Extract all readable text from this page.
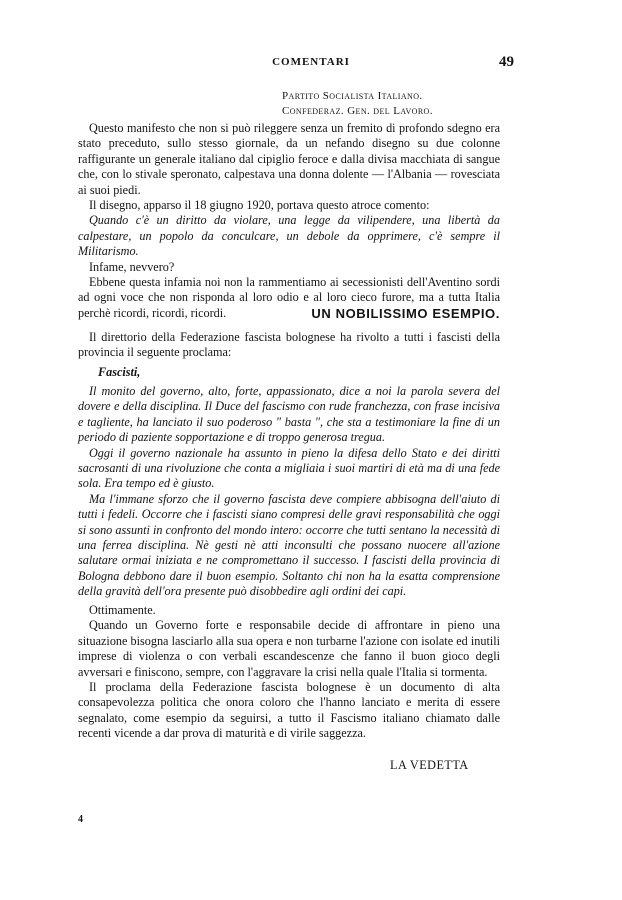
COMENTARI	49
Partito Socialista Italiano.
Confederaz. Gen. del Lavoro.

Questo manifesto che non si può rileggere senza un fremito di profondo sdegno era stato preceduto, sullo stesso giornale, da un nefando disegno su due colonne raffigurante un generale italiano dal cipiglio feroce e dalla divisa macchiata di sangue che, con lo stivale speronato, calpestava una donna dolente — l'Albania — rovesciata ai suoi piedi.

Il disegno, apparso il 18 giugno 1920, portava questo atroce comento:

Quando c'è un diritto da violare, una legge da vilipendere, una libertà da calpestare, un popolo da conculcare, un debole da opprimere, c'è sempre il Militarismo.

Infame, nevvero?

Ebbene questa infamia noi non la rammentiamo ai secessionisti dell'Aventino sordi ad ogni voce che non risponda al loro odio e al loro cieco furore, ma a tutta Italia perchè ricordi, ricordi, ricordi.	UN NOBILISSIMO ESEMPIO.

Il direttorio della Federazione fascista bolognese ha rivolto a tutti i fascisti della provincia il seguente proclama:

Fascisti,

Il monito del governo, alto, forte, appassionato, dice a noi la parola severa del dovere e della disciplina. Il Duce del fascismo con rude franchezza, con frase incisiva e tagliente, ha lanciato il suo poderoso " basta ", che sta a testimoniare la fine di un periodo di paziente sopportazione e di troppo generosa tregua.

Oggi il governo nazionale ha assunto in pieno la difesa dello Stato e dei diritti sacrosanti di una rivoluzione che conta a migliaia i suoi martiri di età ma di una fede sola. Era tempo ed è giusto.

Ma l'immane sforzo che il governo fascista deve compiere abbisogna dell'aiuto di tutti i fedeli. Occorre che i fascisti siano compresi delle gravi responsabilità che oggi si sono assunti in confronto del mondo intero: occorre che tutti sentano la necessità di una ferrea disciplina. Nè gesti nè atti inconsulti che possano nuocere all'azione salutare ormai iniziata e ne compromettano il successo. I fascisti della provincia di Bologna debbono dare il buon esempio. Soltanto chi non ha la esatta comprensione della gravità dell'ora presente può disobbedire agli ordini dei capi.

Ottimamente.

Quando un Governo forte e responsabile decide di affrontare in pieno una situazione bisogna lasciarlo alla sua opera e non turbarne l'azione con isolate ed inutili imprese di violenza o con verbali escandescenze che fanno il buon gioco degli avversari e finiscono, sempre, con l'aggravare la crisi nella quale l'Italia si tormenta.

Il proclama della Federazione fascista bolognese è un documento di alta consapevolezza politica che onora coloro che l'hanno lanciato e merita di essere segnalato, come esempio da seguirsi, a tutto il Fascismo italiano chiamato dalle recenti vicende a dar prova di maturità e di virile saggezza.

LA VEDETTA
4
